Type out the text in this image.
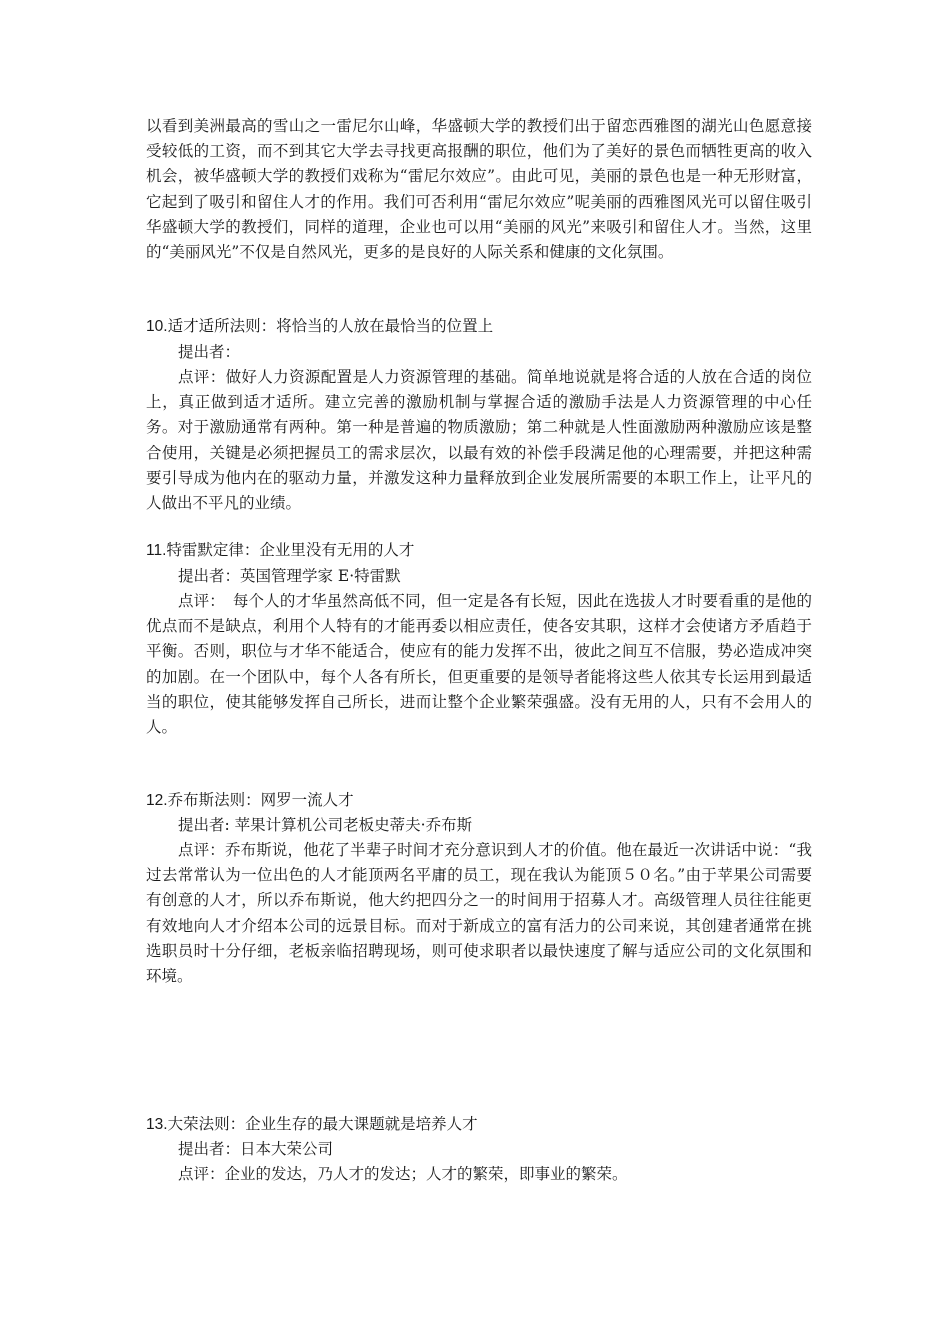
以看到美洲最高的雪山之一雷尼尔山峰，华盛顿大学的教授们出于留恋西雅图的湖光山色愿意接受较低的工资，而不到其它大学去寻找更高报酬的职位，他们为了美好的景色而牺牲更高的收入机会，被华盛顿大学的教授们戏称为“雷尼尔效应”。由此可见，美丽的景色也是一种无形财富，它起到了吸引和留住人才的作用。我们可否利用“雷尼尔效应”呢美丽的西雅图风光可以留住吸引华盛顿大学的教授们，同样的道理，企业也可以用“美丽的风光”来吸引和留住人才。当然，这里的“美丽风光”不仅是自然风光，更多的是良好的人际关系和健康的文化氛围。

10.适才适所法则：将恰当的人放在最恰当的位置上
提出者：

点评：做好人力资源配置是人力资源管理的基础。简单地说就是将合适的人放在合适的岗位上，真正做到适才适所。建立完善的激励机制与掌握合适的激励手法是人力资源管理的中心任务。对于激励通常有两种。第一种是普遍的物质激励；第二种就是人性面激励两种激励应该是整合使用，关键是必须把握员工的需求层次，以最有效的补偿手段满足他的心理需要，并把这种需要引导成为他内在的驱动力量，并激发这种力量释放到企业发展所需要的本职工作上，让平凡的人做出不平凡的业绩。

11.特雷默定律：企业里没有无用的人才
提出者：英国管理学家 E·特雷默

点评：　每个人的才华虽然高低不同，但一定是各有长短，因此在选拔人才时要看重的是他的优点而不是缺点，利用个人特有的才能再委以相应责任，使各安其职，这样才会使诸方矛盾趋于平衡。否则，职位与才华不能适合，使应有的能力发挥不出，彼此之间互不信服，势必造成冲突的加剧。在一个团队中，每个人各有所长，但更重要的是领导者能将这些人依其专长运用到最适当的职位，使其能够发挥自己所长，进而让整个企业繁荣强盛。没有无用的人，只有不会用人的人。

12.乔布斯法则：网罗一流人才
提出者: 苹果计算机公司老板史蒂夫·乔布斯

点评：乔布斯说，他花了半辈子时间才充分意识到人才的价值。他在最近一次讲话中说：“我过去常常认为一位出色的人才能顶两名平庸的员工，现在我认为能顶５０名。”由于苹果公司需要有创意的人才，所以乔布斯说，他大约把四分之一的时间用于招募人才。高级管理人员往往能更有效地向人才介绍本公司的远景目标。而对于新成立的富有活力的公司来说，其创建者通常在挑选职员时十分仔细，老板亲临招聘现场，则可使求职者以最快速度了解与适应公司的文化氛围和环境。

13.大荣法则：企业生存的最大课题就是培养人才
提出者：日本大荣公司

点评：企业的发达，乃人才的发达；人才的繁荣，即事业的繁荣。
